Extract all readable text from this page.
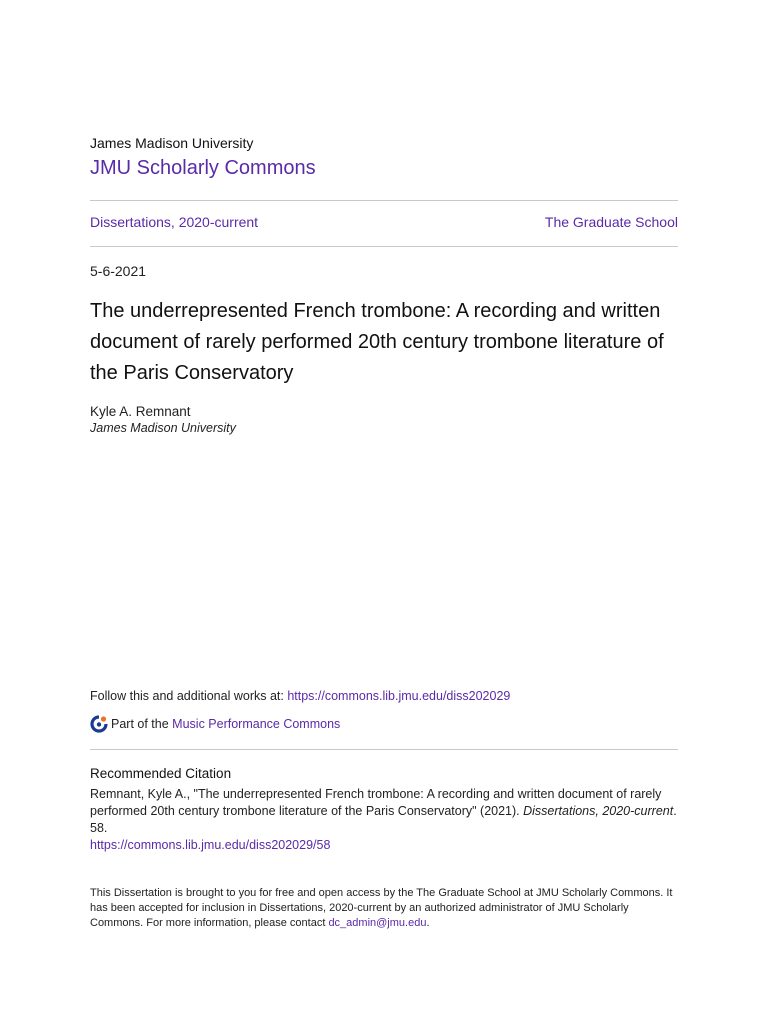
James Madison University
JMU Scholarly Commons
Dissertations, 2020-current	The Graduate School
5-6-2021
The underrepresented French trombone: A recording and written document of rarely performed 20th century trombone literature of the Paris Conservatory
Kyle A. Remnant
James Madison University
Follow this and additional works at: https://commons.lib.jmu.edu/diss202029
Part of the
Music Performance Commons
Recommended Citation
Remnant, Kyle A., "The underrepresented French trombone: A recording and written document of rarely performed 20th century trombone literature of the Paris Conservatory" (2021). Dissertations, 2020-current. 58.
https://commons.lib.jmu.edu/diss202029/58
This Dissertation is brought to you for free and open access by the The Graduate School at JMU Scholarly Commons. It has been accepted for inclusion in Dissertations, 2020-current by an authorized administrator of JMU Scholarly Commons. For more information, please contact dc_admin@jmu.edu.
